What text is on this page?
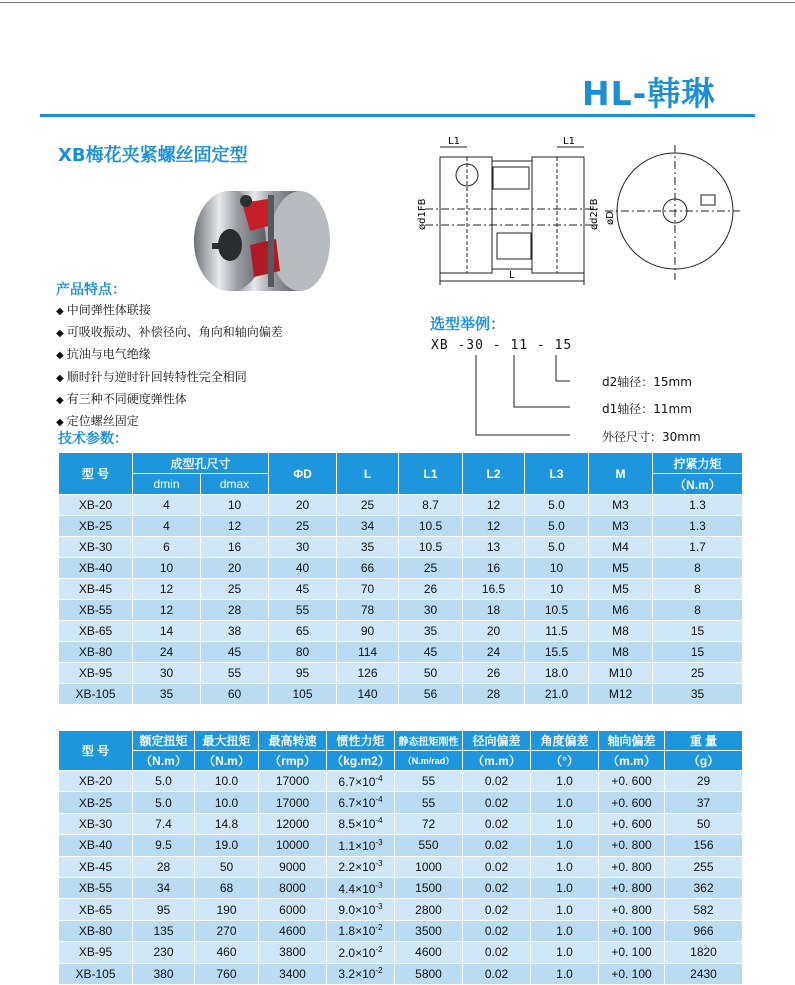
HL-韩琳
XB梅花夹紧螺丝固定型
产品特点：
◆ 中间弹性体联接
◆ 可吸收振动、补偿径向、角向和轴向偏差
◆ 抗油与电气绝缘
◆ 顺时针与逆时针回转特性完全相同
◆ 有三种不同硬度弹性体
◆ 定位螺丝固定
L1	L1
L
ød1FB	ød2FB øD
选型举例：
XB -30 - 11 - 15
d2轴径：15mm
d1轴径：11mm
外径尺寸：30mm
技术参数：
型 号	成型孔尺寸		ΦD	L	L1	L2	L3	M	拧紧力矩
	dmin	dmax							（N.m）
XB-20	4	10	20	25	8.7	12	5.0	M3	1.3
XB-25	4	12	25	34	10.5	12	5.0	M3	1.3
XB-30	6	16	30	35	10.5	13	5.0	M4	1.7
XB-40	10	20	40	66	25	16	10	M5	8
XB-45	12	25	45	70	26	16.5	10	M5	8
XB-55	12	28	55	78	30	18	10.5	M6	8
XB-65	14	38	65	90	35	20	11.5	M8	15
XB-80	24	45	80	114	45	24	15.5	M8	15
XB-95	30	55	95	126	50	26	18.0	M10	25
XB-105	35	60	105	140	56	28	21.0	M12	35
型 号	额定扭矩	最大扭矩	最高转速	惯性力矩	静态扭矩刚性	径向偏差	角度偏差	轴向偏差	重 量
	（N.m）	（N.m）	（rmp）	（kg.m2）	（N.m/rad）	（m.m）	（°）	（m.m）	（g）
XB-20	5.0	10.0	17000	$6.7\times 10^{-4}$	55	0.02	1.0	+0. 600	29
XB-25	5.0	10.0	17000	$6.7\times 10^{-4}$	55	0.02	1.0	+0. 600	37
XB-30	7.4	14.8	12000	$8.5\times 10^{-4}$	72	0.02	1.0	+0. 600	50
XB-40	9.5	19.0	10000	$1.1\times 10^{-3}$	550	0.02	1.0	+0. 800	156
XB-45	28	50	9000	$2.2\times 10^{-3}$	1000	0.02	1.0	+0. 800	255
XB-55	34	68	8000	$4.4\times 10^{-3}$	1500	0.02	1.0	+0. 800	362
XB-65	95	190	6000	$9.0\times 10^{-3}$	2800	0.02	1.0	+0. 800	582
XB-80	135	270	4600	$1.8\times 10^{-2}$	3500	0.02	1.0	+0. 100	966
XB-95	230	460	3800	$2.0\times 10^{-2}$	4600	0.02	1.0	+0. 100	1820
XB-105	380	760	3400	$3.2\times 10^{-2}$	5800	0.02	1.0	+0. 100	2430
